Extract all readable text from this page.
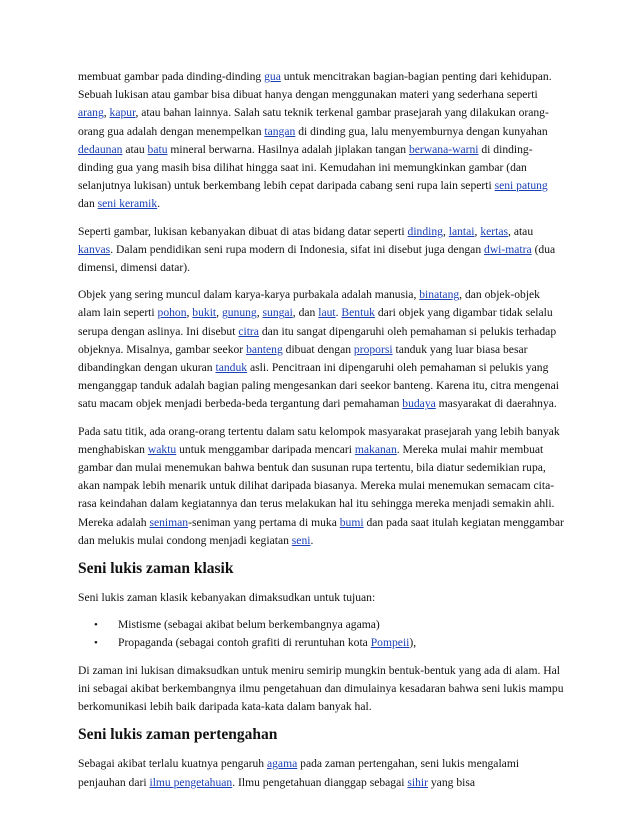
membuat gambar pada dinding-dinding gua untuk mencitrakan bagian-bagian penting dari kehidupan. Sebuah lukisan atau gambar bisa dibuat hanya dengan menggunakan materi yang sederhana seperti arang, kapur, atau bahan lainnya. Salah satu teknik terkenal gambar prasejarah yang dilakukan orang-orang gua adalah dengan menempelkan tangan di dinding gua, lalu menyemburnya dengan kunyahan dedaunan atau batu mineral berwarna. Hasilnya adalah jiplakan tangan berwana-warni di dinding-dinding gua yang masih bisa dilihat hingga saat ini. Kemudahan ini memungkinkan gambar (dan selanjutnya lukisan) untuk berkembang lebih cepat daripada cabang seni rupa lain seperti seni patung dan seni keramik.

Seperti gambar, lukisan kebanyakan dibuat di atas bidang datar seperti dinding, lantai, kertas, atau kanvas. Dalam pendidikan seni rupa modern di Indonesia, sifat ini disebut juga dengan dwi-matra (dua dimensi, dimensi datar).

Objek yang sering muncul dalam karya-karya purbakala adalah manusia, binatang, dan objek-objek alam lain seperti pohon, bukit, gunung, sungai, dan laut. Bentuk dari objek yang digambar tidak selalu serupa dengan aslinya. Ini disebut citra dan itu sangat dipengaruhi oleh pemahaman si pelukis terhadap objeknya. Misalnya, gambar seekor banteng dibuat dengan proporsi tanduk yang luar biasa besar dibandingkan dengan ukuran tanduk asli. Pencitraan ini dipengaruhi oleh pemahaman si pelukis yang menganggap tanduk adalah bagian paling mengesankan dari seekor banteng. Karena itu, citra mengenai satu macam objek menjadi berbeda-beda tergantung dari pemahaman budaya masyarakat di daerahnya.

Pada satu titik, ada orang-orang tertentu dalam satu kelompok masyarakat prasejarah yang lebih banyak menghabiskan waktu untuk menggambar daripada mencari makanan. Mereka mulai mahir membuat gambar dan mulai menemukan bahwa bentuk dan susunan rupa tertentu, bila diatur sedemikian rupa, akan nampak lebih menarik untuk dilihat daripada biasanya. Mereka mulai menemukan semacam cita-rasa keindahan dalam kegiatannya dan terus melakukan hal itu sehingga mereka menjadi semakin ahli. Mereka adalah seniman-seniman yang pertama di muka bumi dan pada saat itulah kegiatan menggambar dan melukis mulai condong menjadi kegiatan seni.

Seni lukis zaman klasik

Seni lukis zaman klasik kebanyakan dimaksudkan untuk tujuan:

• Mistisme (sebagai akibat belum berkembangnya agama)
• Propaganda (sebagai contoh grafiti di reruntuhan kota Pompeii),

Di zaman ini lukisan dimaksudkan untuk meniru semirip mungkin bentuk-bentuk yang ada di alam. Hal ini sebagai akibat berkembangnya ilmu pengetahuan dan dimulainya kesadaran bahwa seni lukis mampu berkomunikasi lebih baik daripada kata-kata dalam banyak hal.

Seni lukis zaman pertengahan

Sebagai akibat terlalu kuatnya pengaruh agama pada zaman pertengahan, seni lukis mengalami penjauhan dari ilmu pengetahuan. Ilmu pengetahuan dianggap sebagai sihir yang bisa
